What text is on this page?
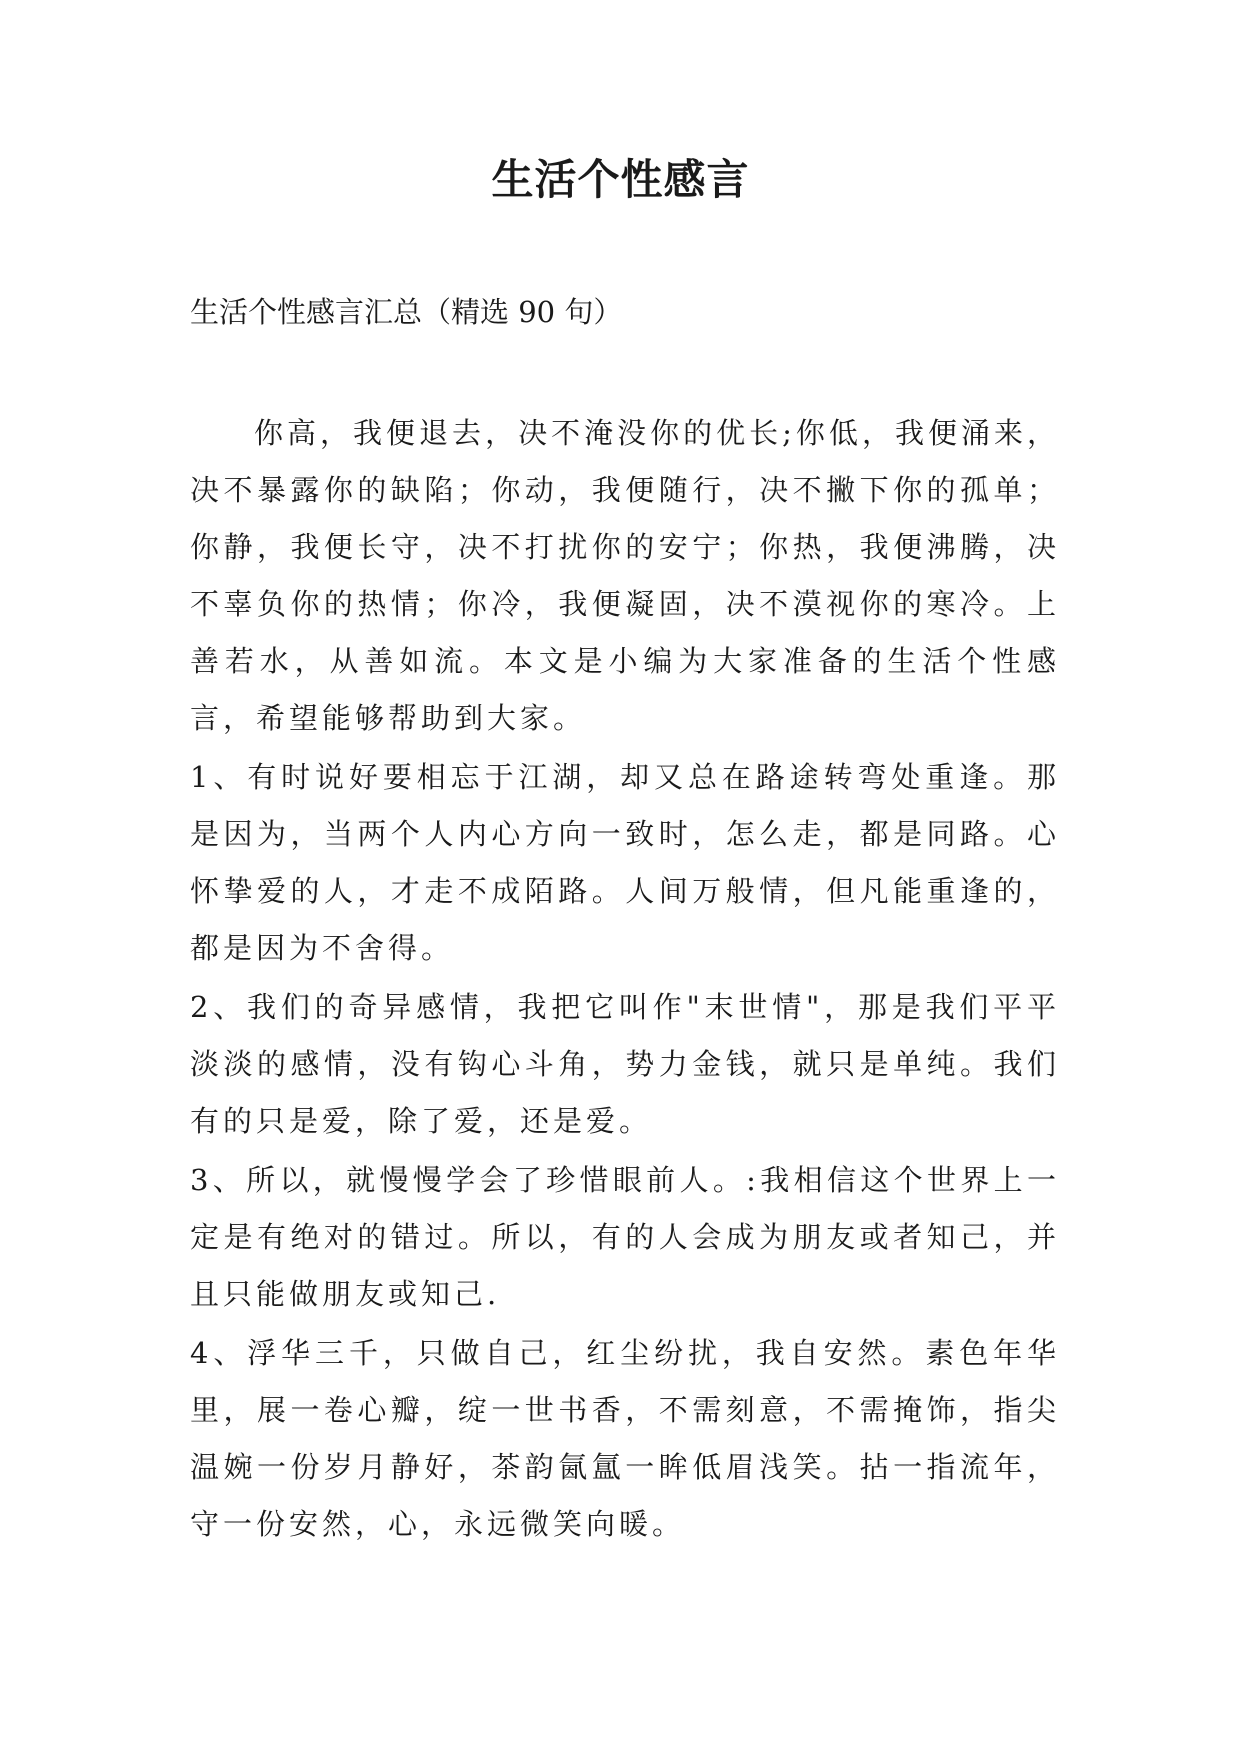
生活个性感言

生活个性感言汇总（精选 90 句）

你高，我便退去，决不淹没你的优长;你低，我便涌来，决不暴露你的缺陷；你动，我便随行，决不撇下你的孤单；你静，我便长守，决不打扰你的安宁；你热，我便沸腾，决不辜负你的热情；你冷，我便凝固，决不漠视你的寒冷。上善若水，从善如流。本文是小编为大家准备的生活个性感言，希望能够帮助到大家。

1、有时说好要相忘于江湖，却又总在路途转弯处重逢。那是因为，当两个人内心方向一致时，怎么走，都是同路。心怀挚爱的人，才走不成陌路。人间万般情，但凡能重逢的，都是因为不舍得。

2、我们的奇异感情，我把它叫作"末世情"，那是我们平平淡淡的感情，没有钩心斗角，势力金钱，就只是单纯。我们有的只是爱，除了爱，还是爱。

3、所以，就慢慢学会了珍惜眼前人。:我相信这个世界上一定是有绝对的错过。所以，有的人会成为朋友或者知己，并且只能做朋友或知己.

4、浮华三千，只做自己，红尘纷扰，我自安然。素色年华里，展一卷心瓣，绽一世书香，不需刻意，不需掩饰，指尖温婉一份岁月静好，茶韵氤氲一眸低眉浅笑。拈一指流年，守一份安然，心，永远微笑向暖。
